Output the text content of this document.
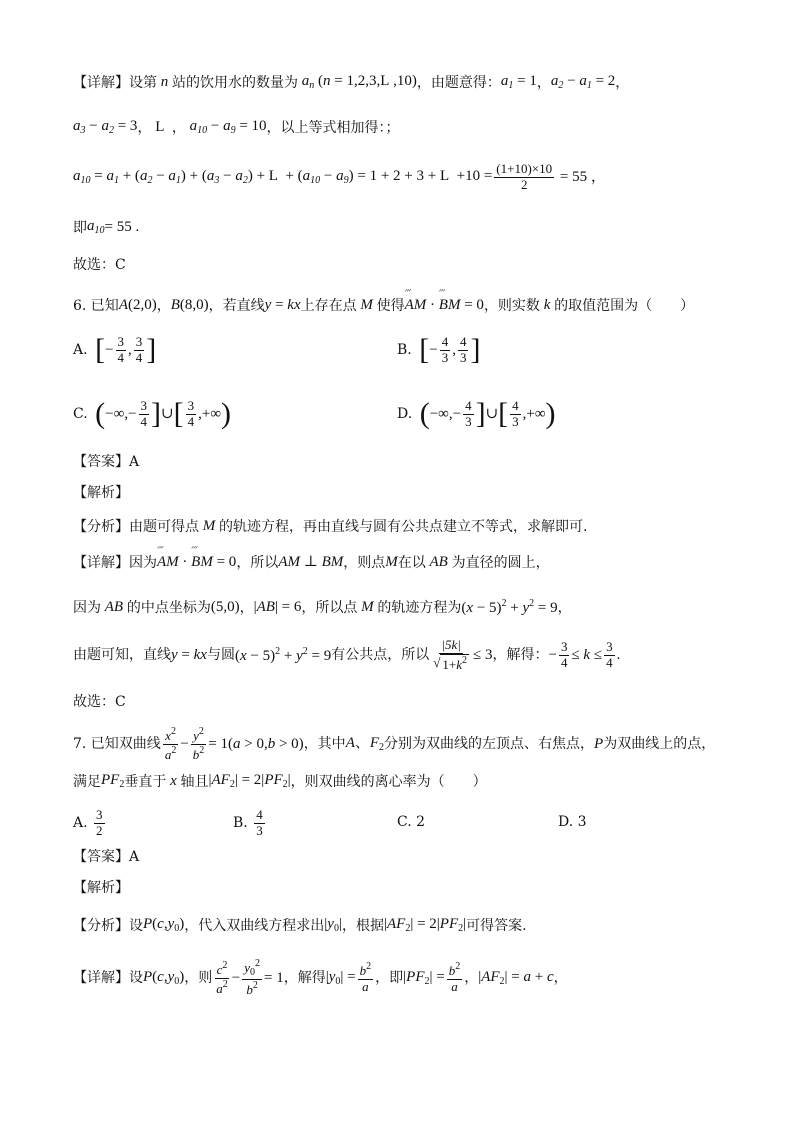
【详解】 设第 n 站的饮用水的数量为 $a_n$ (n = 1,2,3,L ,10) ，由题意得： $a_1 = 1$ ， $a_2 - a_1 = 2$ ，
$a_3 - a_2 = 3$ ， L ， $a_{10} - a_9 = 10$ ，以上等式相加得：；
$a_{10} = a_1 + (a_2 - a_1) + (a_3 - a_2) + L + (a_{10} - a_9) = 1 + 2 + 3 + L +10 = \frac{(1+10)\times 10}{2} = 55$ ，
即 $a_{10} = 55$ .
故选：C
6. 已知 A(2,0) ， B(8,0) ，若直线 y = kx 上存在点 M 使得 ᐟᐟᐟ AM · ᐟᐟᐟ BM = 0 ，则实数 k 的取值范围为（　　）
A. [ − $\frac{3}{4}$ , $\frac{3}{4}$ ]	B. [ − $\frac{4}{3}$ , $\frac{4}{3}$ ]
C. ( −∞,− $\frac{3}{4}$ ] ∪ [ $\frac{3}{4}$ ,+∞ )	D. ( −∞,− $\frac{4}{3}$ ] ∪ [ $\frac{4}{3}$ ,+∞ )
【答案】 A
【解析】
【分析】 由题可得点 M 的轨迹方程，再由直线与圆有公共点建立不等式，求解即可.
【详解】 因为 ᐟᐟᐟ AM · ᐟᐟᐟ BM = 0 ，所以 AM ⊥ BM ，则点 M 在以 AB 为直径的圆上，
因为 AB 的中点坐标为 (5,0) ， |AB| = 6 ，所以点 M 的轨迹方程为 $(x - 5)^2 + y^2 = 9$ ，
由题可知，直线 y = kx 与圆 $(x - 5)^2 + y^2 = 9$ 有公共点，所以 $\frac{|5k|}{√ 1+k^2} \le 3$ ，解得： − $\frac{3}{4} \le k \le \frac{3}{4}$ .
故选：C
7. 已知双曲线 $\frac{x^2}{a^2} - \frac{y^2}{b^2} = 1(a > 0,b > 0)$ ，其中 A、$F_2$ 分别为双曲线的左顶点、右焦点， P 为双曲线上的点，
满足 $PF_2$ 垂直于 x 轴且 $|AF_2| = 2|PF_2|$ ，则双曲线的离心率为（　　）
A.
$\frac{3}{2}$	B.
$\frac{4}{3}$	C. 2	D. 3
【答案】 A
【解析】
【分析】 设 $P(c,y_0)$ ，代入双曲线方程求出 $|y_0|$ ，根据 $|AF_2| = 2|PF_2|$ 可得答案.
【详解】 设 $P(c,y_0)$ ，则 $\frac{c^2}{a^2} - \frac{y_0^2}{b^2} = 1$ ，解得 $|y_0| = \frac{b^2}{a}$ ，即 $|PF_2| = \frac{b^2}{a}$ ， $|AF_2| = a + c$ ，
